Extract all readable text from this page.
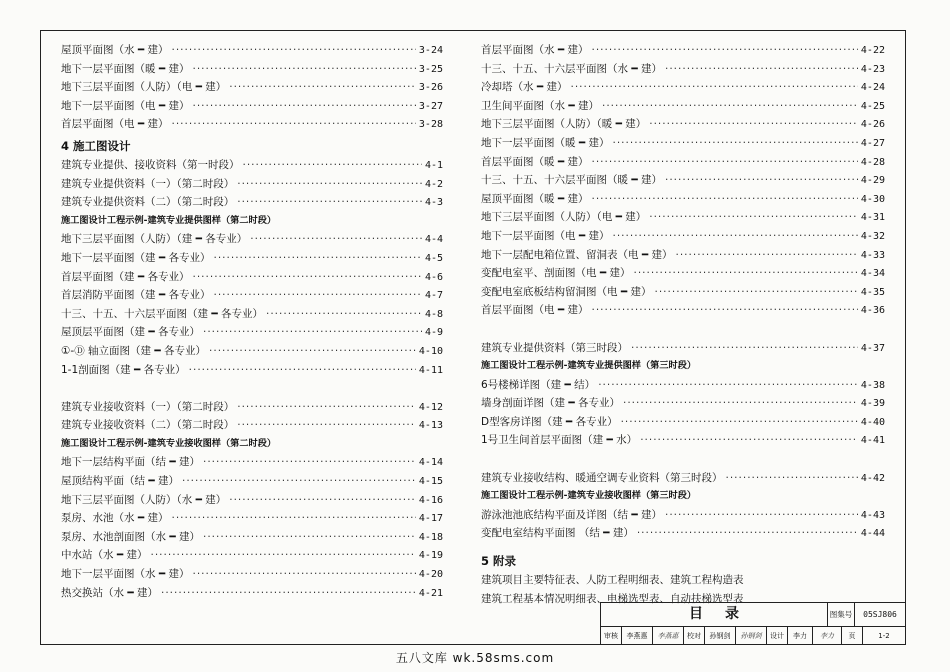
屋顶平面图（水 ━ 建） ·····	3-24
地下一层平面图（暖 ━ 建） ·····	3-25
地下三层平面图（人防）（电 ━ 建） ·····	3-26
地下一层平面图（电 ━ 建） ·····	3-27
首层平面图（电 ━ 建） ·····	3-28
4 施工图设计
建筑专业提供、接收资料（第一时段） ·····	4-1
建筑专业提供资料（一）（第二时段） ·····	4-2
建筑专业提供资料（二）（第二时段） ·····	4-3
施工图设计工程示例-建筑专业提供图样（第二时段）
地下三层平面图（人防）（建 ━ 各专业） ·····	4-4
地下一层平面图（建 ━ 各专业） ·····	4-5
首层平面图（建 ━ 各专业） ·····	4-6
首层消防平面图（建 ━ 各专业） ·····	4-7
十三、十五、十六层平面图（建 ━ 各专业） ·····	4-8
屋顶层平面图（建 ━ 各专业） ·····	4-9
①-Ⓓ 轴立面图（建 ━ 各专业） ·····	4-10
1-1剖面图（建 ━ 各专业） ·····	4-11
建筑专业接收资料（一）（第二时段） ·····	4-12
建筑专业接收资料（二）（第二时段） ·····	4-13
施工图设计工程示例-建筑专业接收图样（第二时段）
地下一层结构平面（结 ━ 建） ·····	4-14
屋顶结构平面（结 ━ 建） ·····	4-15
地下三层平面图（人防）（水 ━ 建） ·····	4-16
泵房、水池（水 ━ 建） ·····	4-17
泵房、水池剖面图（水 ━ 建） ·····	4-18
中水站（水 ━ 建） ·····	4-19
地下一层平面图（水 ━ 建） ·····	4-20
热交换站（水 ━ 建） ·····	4-21
首层平面图（水 ━ 建） ·····	4-22
十三、十五、十六层平面图（水 ━ 建） ·····	4-23
冷却塔（水 ━ 建） ·····	4-24
卫生间平面图（水 ━ 建） ·····	4-25
地下三层平面图（人防）（暖 ━ 建） ·····	4-26
地下一层平面图（暖 ━ 建） ·····	4-27
首层平面图（暖 ━ 建） ·····	4-28
十三、十五、十六层平面图（暖 ━ 建） ·····	4-29
屋顶平面图（暖 ━ 建） ·····	4-30
地下三层平面图（人防）（电 ━ 建） ·····	4-31
地下一层平面图（电 ━ 建） ·····	4-32
地下一层配电箱位置、留洞表（电 ━ 建） ·····	4-33
变配电室平、剖面图（电 ━ 建） ·····	4-34
变配电室底板结构留洞图（电 ━ 建） ·····	4-35
首层平面图（电 ━ 建） ·····	4-36
建筑专业提供资料（第三时段） ·····	4-37
施工图设计工程示例-建筑专业提供图样（第三时段）
6号楼梯详图（建 ━ 结） ·····	4-38
墙身剖面详图（建 ━ 各专业） ·····	4-39
D型客房详图（建 ━ 各专业） ·····	4-40
1号卫生间首层平面图（建 ━ 水） ·····	4-41
建筑专业接收结构、暖通空调专业资料（第三时段） ·····	4-42
施工图设计工程示例-建筑专业接收图样（第三时段）
游泳池池底结构平面及详图（结 ━ 建） ·····	4-43
变配电室结构平面图 （结 ━ 建） ·····	4-44
5 附录
建筑项目主要特征表、人防工程明细表、建筑工程构造表
建筑工程基本情况明细表、电梯选型表、自动扶梯选型表
目录	图集号	05SJ806
审核	李燕惠	李燕惠	校对	孙钢剑	孙钢剑	设计	李力	李力	页	1-2
五八文库 wk.58sms.com
